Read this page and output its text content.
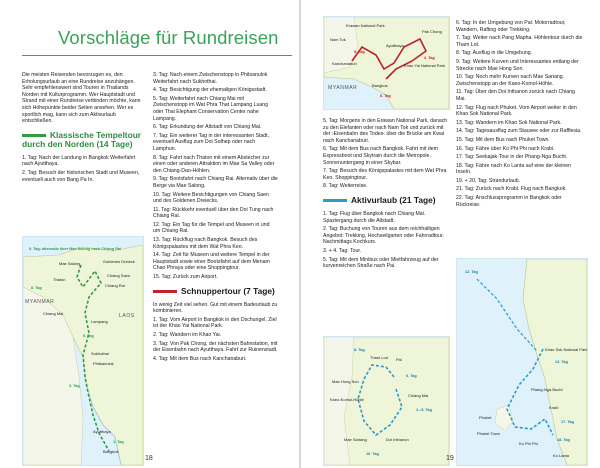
Vorschläge für Rundreisen

Die meisten Reisenden bevorzugen es, den Erholungsurlaub an eine Rundreise anzuhängen. Sehr empfehlenswert sind Touren in Thailands Norden mit Kulturprogramm. Wer Hauptstadt und Strand mit einer Rundreise verbinden möchte, kann sich Höhepunkte beider Seiten ansehen. Wer es sportlich mag, kann sich zum Aktivurlaub entschließen.

Klassische Tempeltour durch den Norden (14 Tage)

1. Tag: Nach der Landung in Bangkok Weiterfahrt nach Ayutthaya.

2. Tag: Besuch der historischen Stadt und Museen, eventuell auch von Bang Pa In.

9. Tag: alternativ über Mae Salong nach Chiang Rai
Mae Salong	Goldenes Dreieck
Chiang Saen
Chiang Rai
Thaton
MYANMAR
Chiang Mai
Lampang
Sukhothai
Phitsanulok
LAOS
Ayutthaya
Bangkok
8. Tag
5. Tag
3. Tag
1. Tag

3. Tag: Nach einem Zwischenstopp in Phitsanulok Weiterfahrt nach Sukhothai.

4. Tag: Besichtigung der ehemaligen Königsstadt.

5. Tag: Weiterfahrt nach Chiang Mai mit Zwischenstopp im Wat Phra That Lampang Luang oder Thai Elephant Conservation Center nahe Lampang.

6. Tag: Erkundung der Altstadt von Chiang Mai.

7. Tag: Ein weiterer Tag in der interessanten Stadt, eventuell Ausflug zum Doi Suthep oder nach Lamphun.

8. Tag: Fahrt nach Thaton mit einem Abstecher zur einen oder anderen Attraktion im Mae Sa Valley oder den Chiang-Dao-Höhlen.

9. Tag: Bootsfahrt nach Chiang Rai. Alternativ über die Berge via Mae Salong.

10. Tag: Weitere Besichtigungen von Chiang Saen und des Goldenen Dreiecks.

11. Tag: Rückkehr eventuell über den Doi Tung nach Chiang Rai.

12. Tag: Ein Tag für die Tempel und Museen in und um Chiang Rai.

13. Tag: Rückflug nach Bangkok. Besuch des Königspalastes mit dem Wat Phra Keo.

14. Tag: Zeit für Museen und weitere Tempel in der Hauptstadt sowie einer Bootsfahrt auf dem Menam Chao Phraya oder eine Shoppingtour.

15. Tag: Zurück zum Airport.

Schnuppertour (7 Tage)

In wenig Zeit viel sehen. Gut mit einem Badeurlaub zu kombinieren.

1. Tag: Vom Airport in Bangkok in den Dschungel, Ziel ist der Khao Yai National Park.

2. Tag: Wandern im Khao Yai.

3. Tag: Von Pak Chong, der nächsten Bahnstation, mit der Eisenbahn nach Ayutthaya. Fahrt zur Ruinenstadt.

4. Tag: Mit dem Bus nach Kanchanaburi.

18
Erawan National Park
Nam Tok
Kanchanaburi	Khao Yai National Park
Pak Chong
Ayutthaya
Bangkok
MYANMAR
5. Tag
2. Tag
6. Tag

5. Tag: Morgens in den Erawan National Park, danach zu den Elefanten oder nach Nam Tok und zurück mit der ›Eisenbahn des Todes‹ über die Brücke am Kwai nach Kanchanaburi.

6. Tag: Mit dem Bus nach Bangkok. Fahrt mit dem Expressboot und Skytrain durch die Metropole, Sonnenuntergang in einer Skybar.

7. Tag: Besuch des Königspalastes mit dem Wat Phra Keo. Shoppingtour.

8. Tag: Weiterreise.

Aktivurlaub (21 Tage)

1. Tag: Flug über Bangkok nach Chiang Mai. Spaziergang durch die Altstadt.

2. Tag: Buchung von Touren aus dem reichhaltigen Angebot: Trekking, Hochseilgarten oder Fahrradtour. Nachmittags Kochkurs.

3. + 4. Tag: Tour.

5. Tag: Mit dem Minibus oder Mietfahrzeug auf der kurvenreichen Straße nach Pai.

Pai
Tham Lod
Mae Hong Son
Chiang Mai
Kaeo-Komol-Höhle
Mae Sariang	Doi Inthanon
8. Tag
6. Tag
1.–5. Tag
10. Tag

6. Tag: In der Umgebung von Pai: Motorradtour, Wandern, Rafting oder Trekking.

7. Tag: Weiter nach Pang Mapha. Höhlentour durch die Tham Lot.

8. Tag: Ausflug in die Umgebung.

9. Tag: Weitere Kurven und Interessantes entlang der Strecke nach Mae Hong Son.

10. Tag: Noch mehr Kurven nach Mae Sariang. Zwischenstopp an der Kaeo-Komol-Höhle.

11. Tag: Über den Doi Inthanon zurück nach Chiang Mai.

12. Tag: Flug nach Phuket. Vom Airport weiter in den Khao Sok National Park.

13. Tag: Wandern im Khao Sok National Park.

14. Tag: Tagesausflug zum Stausee oder zur Rafflesia.

15. Tag: Mit dem Bus nach Phuket Town.

16. Tag: Fähre über Ko Phi Phi nach Krabi.

17. Tag: Seekajak-Tour in der Phang-Nga Bucht.

18. Tag: Fähre nach Ko Lanta auf eine der kleinen Inseln.

19. + 20. Tag: Strandurlaub.

21. Tag: Zurück nach Krabi. Flug nach Bangkok.

22. Tag: Anschlussprogramm in Bangkok oder Rückreise.

Khao Sok National Park
Phang-Nga Bucht
Phuket Town
Krabi
Ko Phi Phi
Ko Lanta
Phuket
12. Tag
13. Tag
17. Tag
18. Tag
19
